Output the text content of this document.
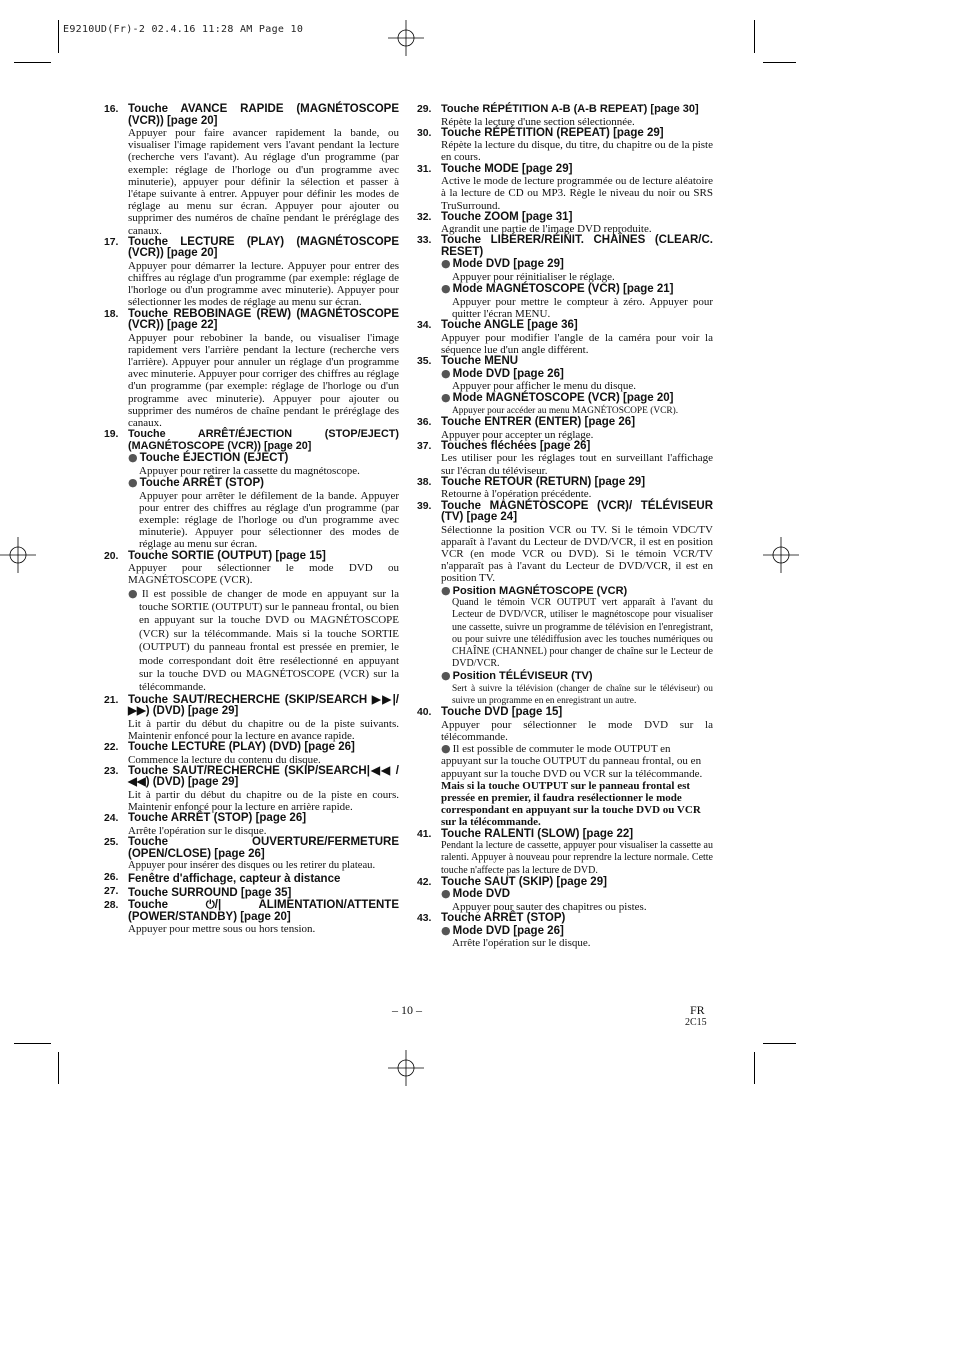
E9210UD(Fr)-2 02.4.16 11:28 AM Page 10
16. Touche AVANCE RAPIDE (MAGNÉTOSCOPE (VCR)) [page 20]
Appuyer pour faire avancer rapidement la bande, ou visualiser l'image rapidement vers l'avant pendant la lecture (recherche vers l'avant). Au réglage d'un programme (par exemple: réglage de l'horloge ou d'un programme avec minuterie), appuyer pour définir la sélection et passer à l'étape suivante à entrer. Appuyer pour définir les modes de réglage au menu sur écran. Appuyer pour ajouter ou supprimer des numéros de chaîne pendant le préréglage des canaux.
17. Touche LECTURE (PLAY) (MAGNÉTOSCOPE (VCR)) [page 20]
Appuyer pour démarrer la lecture. Appuyer pour entrer des chiffres au réglage d'un programme (par exemple: réglage de l'horloge ou d'un programme avec minuterie). Appuyer pour sélectionner les modes de réglage au menu sur écran.
18. Touche REBOBINAGE (REW) (MAGNÉTOSCOPE (VCR)) [page 22]
Appuyer pour rebobiner la bande, ou visualiser l'image rapidement vers l'arrière pendant la lecture (recherche vers l'arrière). Appuyer pour annuler un réglage d'un programme avec minuterie. Appuyer pour corriger des chiffres au réglage d'un programme (par exemple: réglage de l'horloge ou d'un programme avec minuterie). Appuyer pour ajouter ou supprimer des numéros de chaîne pendant le préréglage des canaux.
19. Touche ARRÊT/ÉJECTION (STOP/EJECT) (MAGNÉTOSCOPE (VCR)) [page 20]
● Touche ÉJECTION (EJECT)
Appuyer pour retirer la cassette du magnétoscope.
● Touche ARRÊT (STOP)
Appuyer pour arrêter le défilement de la bande. Appuyer pour entrer des chiffres au réglage d'un programme (par exemple: réglage de l'horloge ou d'un programme avec minuterie). Appuyer pour sélectionner des modes de réglage au menu sur écran.
20. Touche SORTIE (OUTPUT) [page 15]
Appuyer pour sélectionner le mode DVD ou MAGNÉTOSCOPE (VCR).
● Il est possible de changer de mode en appuyant sur la touche SORTIE (OUTPUT) sur le panneau frontal, ou bien en appuyant sur la touche DVD ou MAGNÉTOSCOPE (VCR) sur la télécommande. Mais si la touche SORTIE (OUTPUT) du panneau frontal est pressée en premier, le mode correspondant doit être resélectionné en appuyant sur la touche DVD ou MAGNÉTOSCOPE (VCR) sur la télécommande.
21. Touche SAUT/RECHERCHE (SKIP/SEARCH ▶▶|/ ▶▶) (DVD) [page 29]
Lit à partir du début du chapitre ou de la piste suivants. Maintenir enfoncé pour la lecture en avance rapide.
22. Touche LECTURE (PLAY) (DVD) [page 26]
Commence la lecture du contenu du disque.
23. Touche SAUT/RECHERCHE (SKIP/SEARCH|◀◀ / ◀◀) (DVD) [page 29]
Lit à partir du début du chapitre ou de la piste en cours. Maintenir enfoncé pour la lecture en arrière rapide.
24. Touche ARRÊT (STOP) [page 26]
Arrête l'opération sur le disque.
25. Touche OUVERTURE/FERMETURE (OPEN/CLOSE) [page 26]
Appuyer pour insérer des disques ou les retirer du plateau.
26. Fenêtre d'affichage, capteur à distance
27. Touche SURROUND [page 35]
28. Touche ⏻/| ALIMENTATION/ATTENTE (POWER/STANDBY) [page 20]
Appuyer pour mettre sous ou hors tension.
29. Touche RÉPÉTITION A-B (A-B REPEAT) [page 30]
Répète la lecture d'une section sélectionnée.
30. Touche RÉPÉTITION (REPEAT) [page 29]
Répète la lecture du disque, du titre, du chapitre ou de la piste en cours.
31. Touche MODE [page 29]
Active le mode de lecture programmée ou de lecture aléatoire à la lecture de CD ou MP3. Règle le niveau du noir ou SRS TruSurround.
32. Touche ZOOM [page 31]
Agrandit une partie de l'image DVD reproduite.
33. Touche LIBÉRER/RÉINIT. CHAÎNES (CLEAR/C. RESET)
● Mode DVD [page 29]
Appuyer pour réinitialiser le réglage.
● Mode MAGNÉTOSCOPE (VCR) [page 21]
Appuyer pour mettre le compteur à zéro. Appuyer pour quitter l'écran MENU.
34. Touche ANGLE [page 36]
Appuyer pour modifier l'angle de la caméra pour voir la séquence lue d'un angle différent.
35. Touche MENU
● Mode DVD [page 26]
Appuyer pour afficher le menu du disque.
● Mode MAGNÉTOSCOPE (VCR) [page 20]
Appuyer pour accéder au menu MAGNÉTOSCOPE (VCR).
36. Touche ENTRER (ENTER) [page 26]
Appuyer pour accepter un réglage.
37. Touches fléchées [page 26]
Les utiliser pour les réglages tout en surveillant l'affichage sur l'écran du téléviseur.
38. Touche RETOUR (RETURN) [page 29]
Retourne à l'opération précédente.
39. Touche MAGNÉTOSCOPE (VCR)/ TÉLÉVISEUR (TV) [page 24]
Sélectionne la position VCR ou TV. Si le témoin VDC/TV apparaît à l'avant du Lecteur de DVD/VCR, il est en position VCR (en mode VCR ou DVD). Si le témoin VCR/TV n'apparaît pas à l'avant du Lecteur de DVD/VCR, il est en position TV.
● Position MAGNÉTOSCOPE (VCR)
Quand le témoin VCR OUTPUT vert apparaît à l'avant du Lecteur de DVD/VCR, utiliser le magnétoscope pour visualiser une cassette, suivre un programme de télévision en l'enregistrant, ou pour suivre une télédiffusion avec les touches numériques ou CHAÎNE (CHANNEL) pour changer de chaîne sur le Lecteur de DVD/VCR.
● Position TÉLÉVISEUR (TV)
Sert à suivre la télévision (changer de chaîne sur le téléviseur) ou suivre un programme en en enregistrant un autre.
40. Touche DVD [page 15]
Appuyer pour sélectionner le mode DVD sur la télécommande.
● Il est possible de commuter le mode OUTPUT en appuyant sur la touche OUTPUT du panneau frontal, ou en appuyant sur la touche DVD ou VCR sur la télécommande. Mais si la touche OUTPUT sur le panneau frontal est pressée en premier, il faudra resélectionner le mode correspondant en appuyant sur la touche DVD ou VCR sur la télécommande.
41. Touche RALENTI (SLOW) [page 22]
Pendant la lecture de cassette, appuyer pour visualiser la cassette au ralenti. Appuyer à nouveau pour reprendre la lecture normale. Cette touche n'affecte pas la lecture de DVD.
42. Touche SAUT (SKIP) [page 29]
● Mode DVD
Appuyer pour sauter des chapitres ou pistes.
43. Touche ARRÊT (STOP)
● Mode DVD [page 26]
Arrête l'opération sur le disque.
– 10 –	FR
2C15
